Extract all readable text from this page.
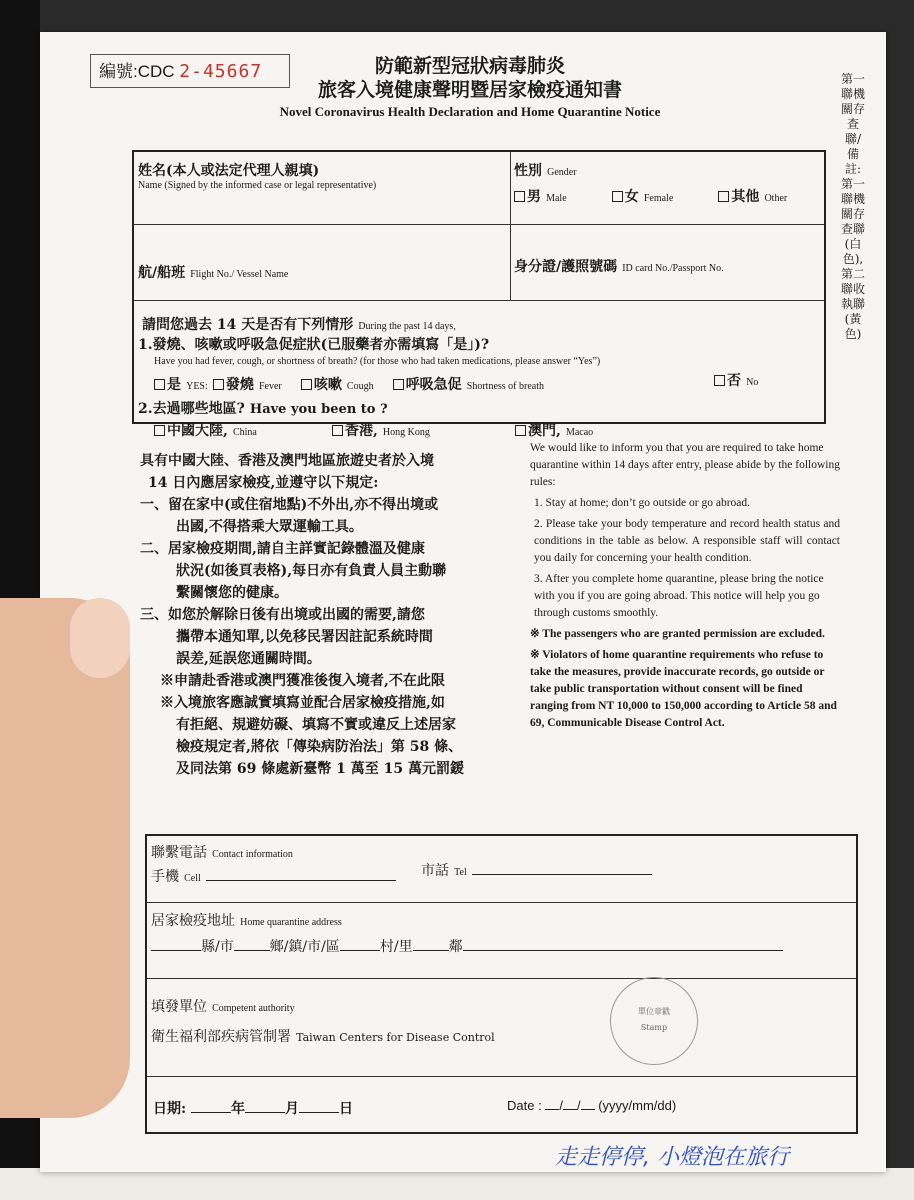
編號:CDC 2-45667	防範新型冠狀病毒肺炎
旅客入境健康聲明暨居家檢疫通知書
Novel Coronavirus Health Declaration and Home Quarantine Notice
第一聯機關存查聯/備註:第一聯機關存查聯(白色),第二聯收執聯(黃色)
姓名(本人或法定代理人親填)
Name (Signed by the informed case or legal representative)
性別 Gender
男 Male	女 Female	其他 Other
航/船班 Flight No./ Vessel Name	身分證/護照號碼 ID card No./Passport No.
請問您過去 14 天是否有下列情形 During the past 14 days,
1.發燒、咳嗽或呼吸急促症狀(已服藥者亦需填寫「是」)?
Have you had fever, cough, or shortness of breath? (for those who had taken medications, please answer “Yes”)
是 YES: 發燒 Fever 咳嗽 Cough 呼吸急促 Shortness of breath	否 No
2.去過哪些地區? Have you been to ?
中國大陸, China	香港, Hong Kong	澳門, Macao
具有中國大陸、香港及澳門地區旅遊史者於入境
14 日內應居家檢疫,並遵守以下規定:
一、留在家中(或住宿地點)不外出,亦不得出境或
出國,不得搭乘大眾運輸工具。
二、居家檢疫期間,請自主詳實記錄體溫及健康
狀況(如後頁表格),每日亦有負責人員主動聯
繫關懷您的健康。
三、如您於解除日後有出境或出國的需要,請您
攜帶本通知單,以免移民署因註記系統時間
誤差,延誤您通關時間。
※申請赴香港或澳門獲准後復入境者,不在此限
※入境旅客應誠實填寫並配合居家檢疫措施,如
有拒絕、規避妨礙、填寫不實或違反上述居家
檢疫規定者,將依「傳染病防治法」第 58 條、
及同法第 69 條處新臺幣 1 萬至 15 萬元罰鍰
We would like to inform you that you are required to take home quarantine within 14 days after entry, please abide by the following rules:
1. Stay at home; don’t go outside or go abroad.
2. Please take your body temperature and record health status and conditions in the table as below. A responsible staff will contact you daily for concerning your health condition.
3. After you complete home quarantine, please bring the notice with you if you are going abroad. This notice will help you go through customs smoothly.
※ The passengers who are granted permission are excluded.
※ Violators of home quarantine requirements who refuse to take the measures, provide inaccurate records, go outside or take public transportation without consent will be fined ranging from NT 10,000 to 150,000 according to Article 58 and 69, Communicable Disease Control Act.
聯繫電話 Contact information
手機 Cell	市話 Tel
居家檢疫地址 Home quarantine address
縣/市	鄉/鎮/市/區	村/里	鄰
填發單位 Competent authority
衛生福利部疾病管制署 Taiwan Centers for Disease Control
日期:	年	月	日	Date : / / (yyyy/mm/dd)
單位章戳
Stamp
走走停停, 小燈泡在旅行
